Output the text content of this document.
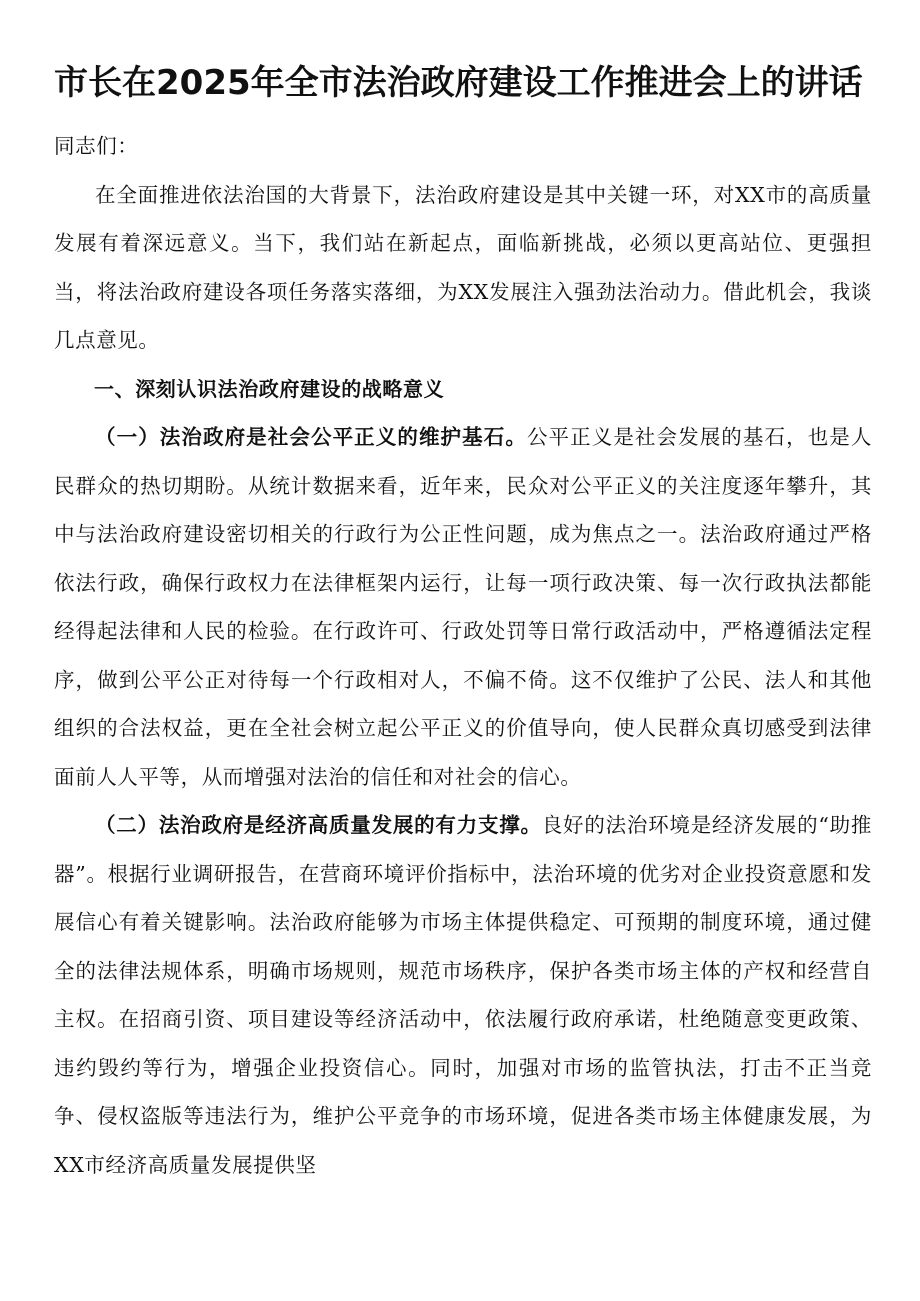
市长在2025年全市法治政府建设工作推进会上的讲话

同志们：

在全面推进依法治国的大背景下，法治政府建设是其中关键一环，对XX市的高质量发展有着深远意义。当下，我们站在新起点，面临新挑战，必须以更高站位、更强担当，将法治政府建设各项任务落实落细，为XX发展注入强劲法治动力。借此机会，我谈几点意见。

一、深刻认识法治政府建设的战略意义

（一）法治政府是社会公平正义的维护基石。公平正义是社会发展的基石，也是人民群众的热切期盼。从统计数据来看，近年来，民众对公平正义的关注度逐年攀升，其中与法治政府建设密切相关的行政行为公正性问题，成为焦点之一。法治政府通过严格依法行政，确保行政权力在法律框架内运行，让每一项行政决策、每一次行政执法都能经得起法律和人民的检验。在行政许可、行政处罚等日常行政活动中，严格遵循法定程序，做到公平公正对待每一个行政相对人，不偏不倚。这不仅维护了公民、法人和其他组织的合法权益，更在全社会树立起公平正义的价值导向，使人民群众真切感受到法律面前人人平等，从而增强对法治的信任和对社会的信心。

（二）法治政府是经济高质量发展的有力支撑。良好的法治环境是经济发展的“助推器”。根据行业调研报告，在营商环境评价指标中，法治环境的优劣对企业投资意愿和发展信心有着关键影响。法治政府能够为市场主体提供稳定、可预期的制度环境，通过健全的法律法规体系，明确市场规则，规范市场秩序，保护各类市场主体的产权和经营自主权。在招商引资、项目建设等经济活动中，依法履行政府承诺，杜绝随意变更政策、违约毁约等行为，增强企业投资信心。同时，加强对市场的监管执法，打击不正当竞争、侵权盗版等违法行为，维护公平竞争的市场环境，促进各类市场主体健康发展，为XX市经济高质量发展提供坚
